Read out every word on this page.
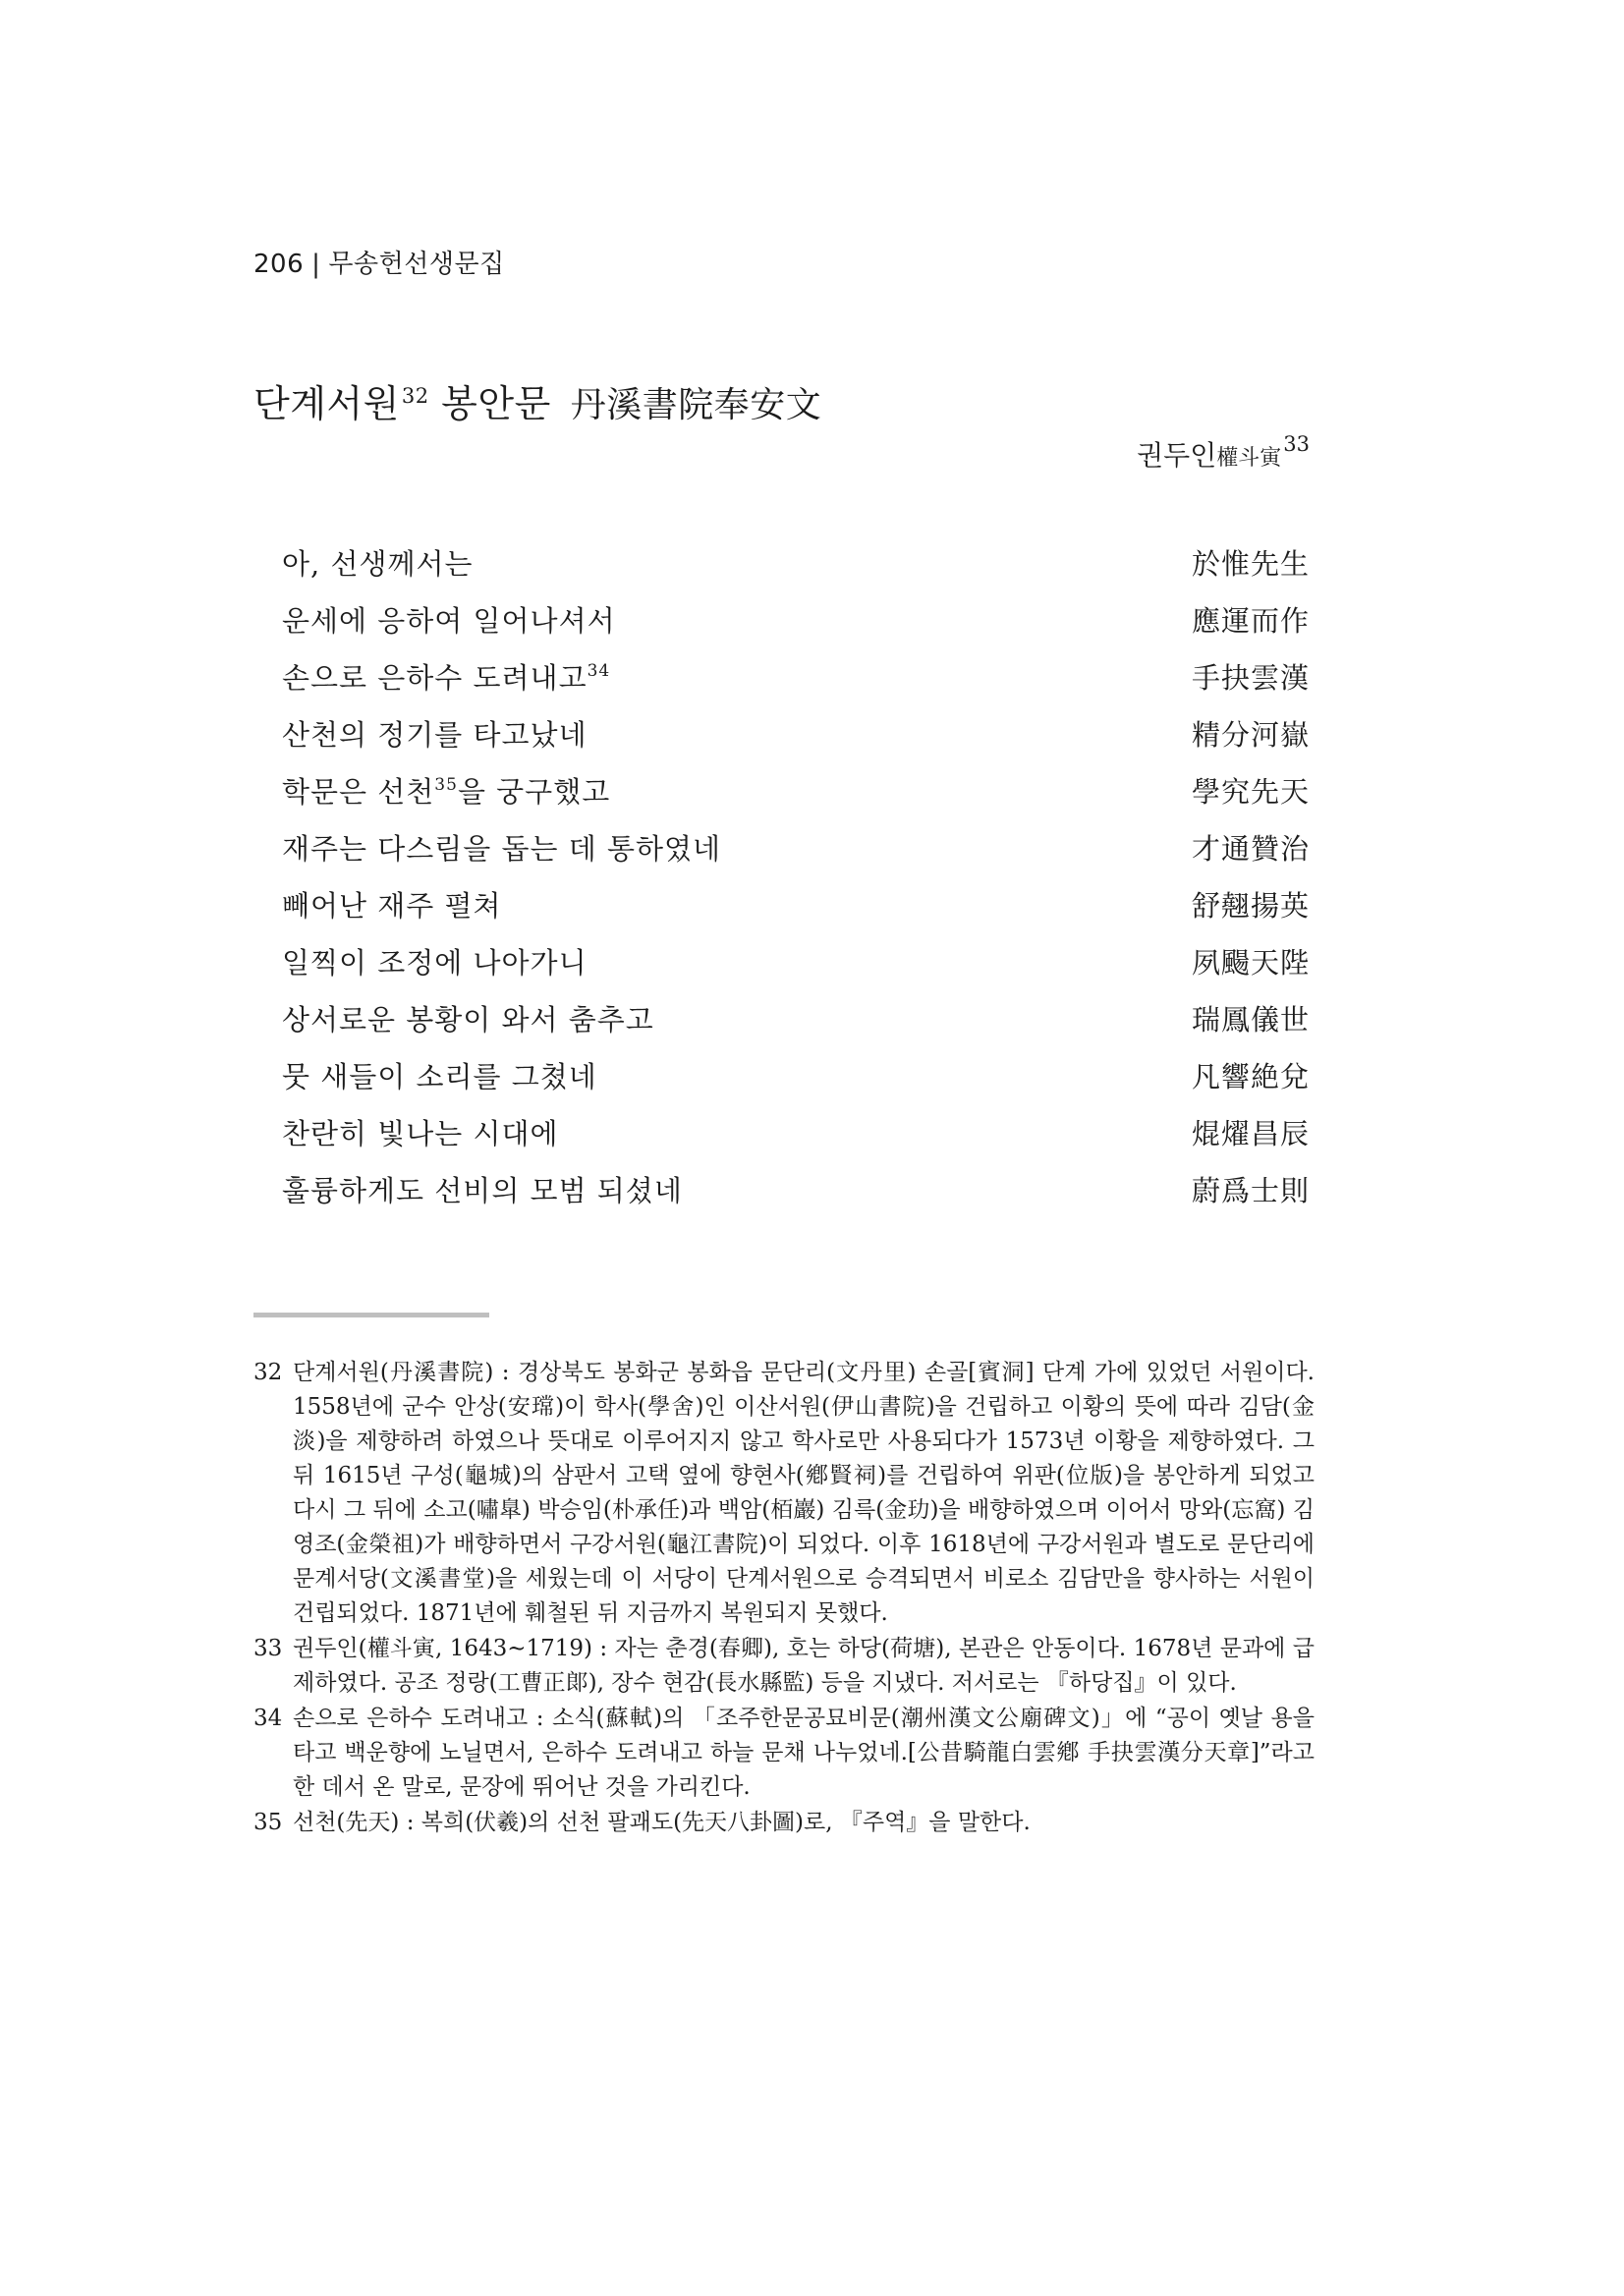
206 | 무송헌선생문집
단계서원$^{32}$ 봉안문 丹溪書院奉安文
권두인權斗寅$^{33}$
아, 선생께서는	於惟先生
운세에 응하여 일어나셔서	應運而作
손으로 은하수 도려내고$^{34}$	手抉雲漢
산천의 정기를 타고났네	精分河嶽
학문은 선천$^{35}$을 궁구했고	學究先天
재주는 다스림을 돕는 데 통하였네	才通贊治
빼어난 재주 펼쳐	舒翹揚英
일찍이 조정에 나아가니	夙颺天陛
상서로운 봉황이 와서 춤추고	瑞鳳儀世
뭇 새들이 소리를 그쳤네	凡響絶兌
찬란히 빛나는 시대에	焜燿昌辰
훌륭하게도 선비의 모범 되셨네	蔚爲士則
32 단계서원(丹溪書院) : 경상북도 봉화군 봉화읍 문단리(文丹里) 손골[賓洞] 단계 가에 있었던 서원이다. 1558년에 군수 안상(安瑺)이 학사(學舍)인 이산서원(伊山書院)을 건립하고 이황의 뜻에 따라 김담(金淡)을 제향하려 하였으나 뜻대로 이루어지지 않고 학사로만 사용되다가 1573년 이황을 제향하였다. 그 뒤 1615년 구성(龜城)의 삼판서 고택 옆에 향현사(鄕賢祠)를 건립하여 위판(位版)을 봉안하게 되었고 다시 그 뒤에 소고(嘯臯) 박승임(朴承任)과 백암(栢巖) 김륵(金玏)을 배향하였으며 이어서 망와(忘窩) 김영조(金榮祖)가 배향하면서 구강서원(龜江書院)이 되었다. 이후 1618년에 구강서원과 별도로 문단리에 문계서당(文溪書堂)을 세웠는데 이 서당이 단계서원으로 승격되면서 비로소 김담만을 향사하는 서원이 건립되었다. 1871년에 훼철된 뒤 지금까지 복원되지 못했다.
33 권두인(權斗寅, 1643∼1719) : 자는 춘경(春卿), 호는 하당(荷塘), 본관은 안동이다. 1678년 문과에 급제하였다. 공조 정랑(工曹正郞), 장수 현감(長水縣監) 등을 지냈다. 저서로는 『하당집』이 있다.
34 손으로 은하수 도려내고 : 소식(蘇軾)의 「조주한문공묘비문(潮州漢文公廟碑文)」에 “공이 옛날 용을 타고 백운향에 노닐면서, 은하수 도려내고 하늘 문채 나누었네.[公昔騎龍白雲鄕 手抉雲漢分天章]”라고 한 데서 온 말로, 문장에 뛰어난 것을 가리킨다.
35 선천(先天) : 복희(伏羲)의 선천 팔괘도(先天八卦圖)로, 『주역』을 말한다.
